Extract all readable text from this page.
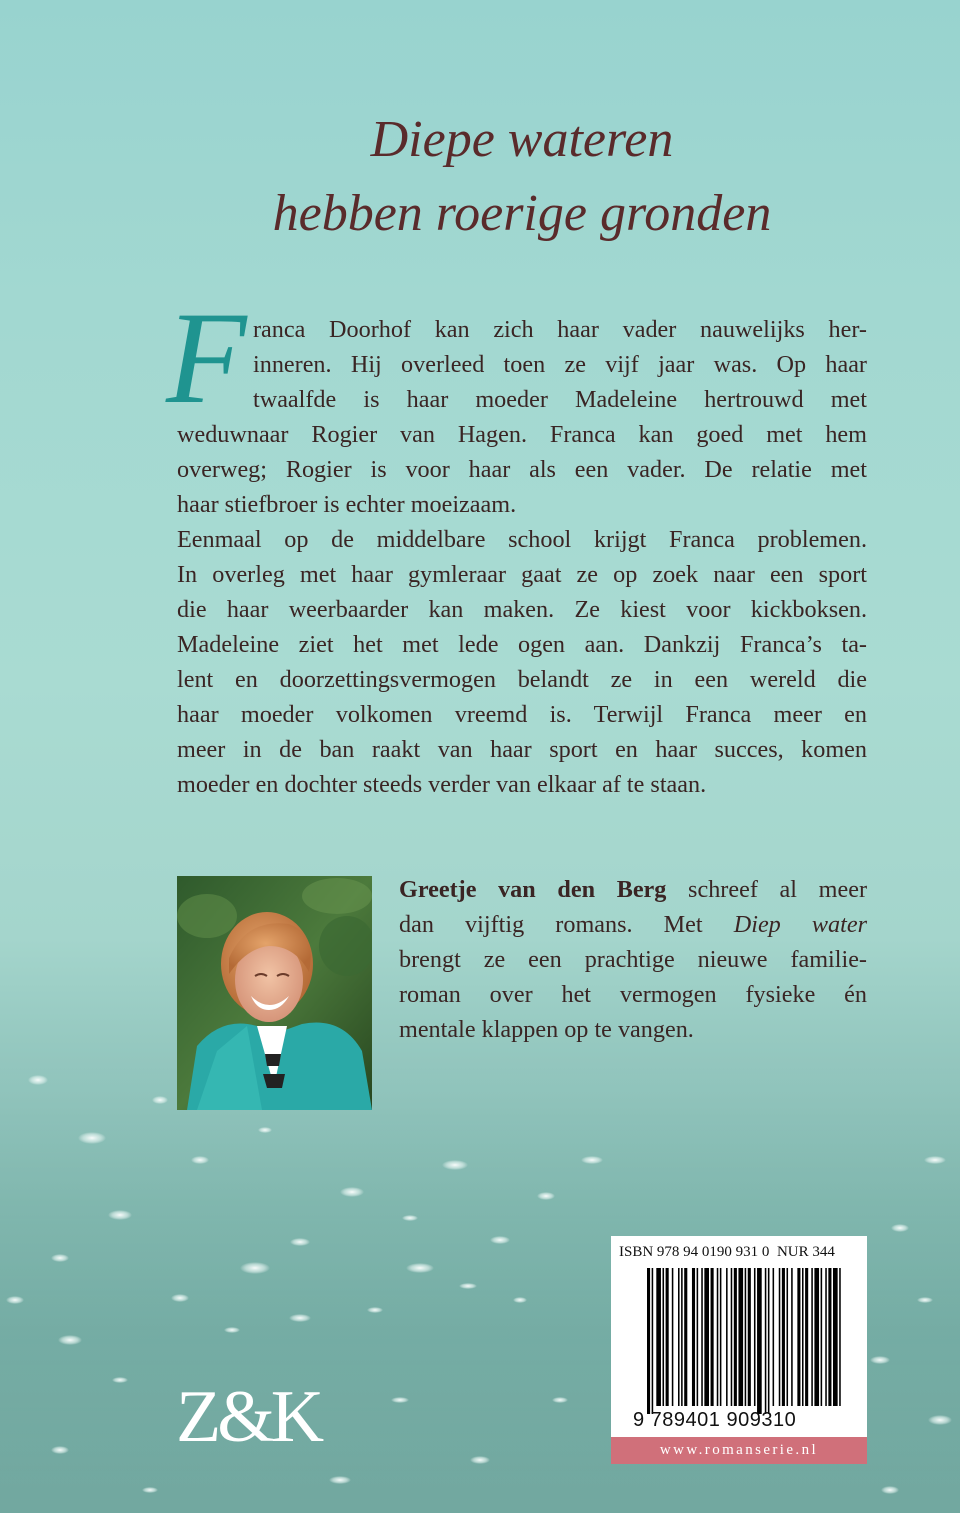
Diepe wateren
hebben roerige gronden
F ranca Doorhof kan zich haar vader nauwelijks her-
inneren. Hij overleed toen ze vijf jaar was. Op haar
twaalfde is haar moeder Madeleine hertrouwd met
weduwnaar Rogier van Hagen. Franca kan goed met hem
overweg; Rogier is voor haar als een vader. De relatie met
haar stiefbroer is echter moeizaam.
Eenmaal op de middelbare school krijgt Franca problemen.
In overleg met haar gymleraar gaat ze op zoek naar een sport
die haar weerbaarder kan maken. Ze kiest voor kickboksen.
Madeleine ziet het met lede ogen aan. Dankzij Franca’s ta-
lent en doorzettingsvermogen belandt ze in een wereld die
haar moeder volkomen vreemd is. Terwijl Franca meer en
meer in de ban raakt van haar sport en haar succes, komen
moeder en dochter steeds verder van elkaar af te staan.
Greetje van den Berg schreef al meer
dan vijftig romans. Met Diep water
brengt ze een prachtige nieuwe familie-
roman over het vermogen fysieke én
mentale klappen op te vangen.
Z&K
ISBN 978 94 0190 931 0 NUR 344
9 789401 909310
www.romanserie.nl
